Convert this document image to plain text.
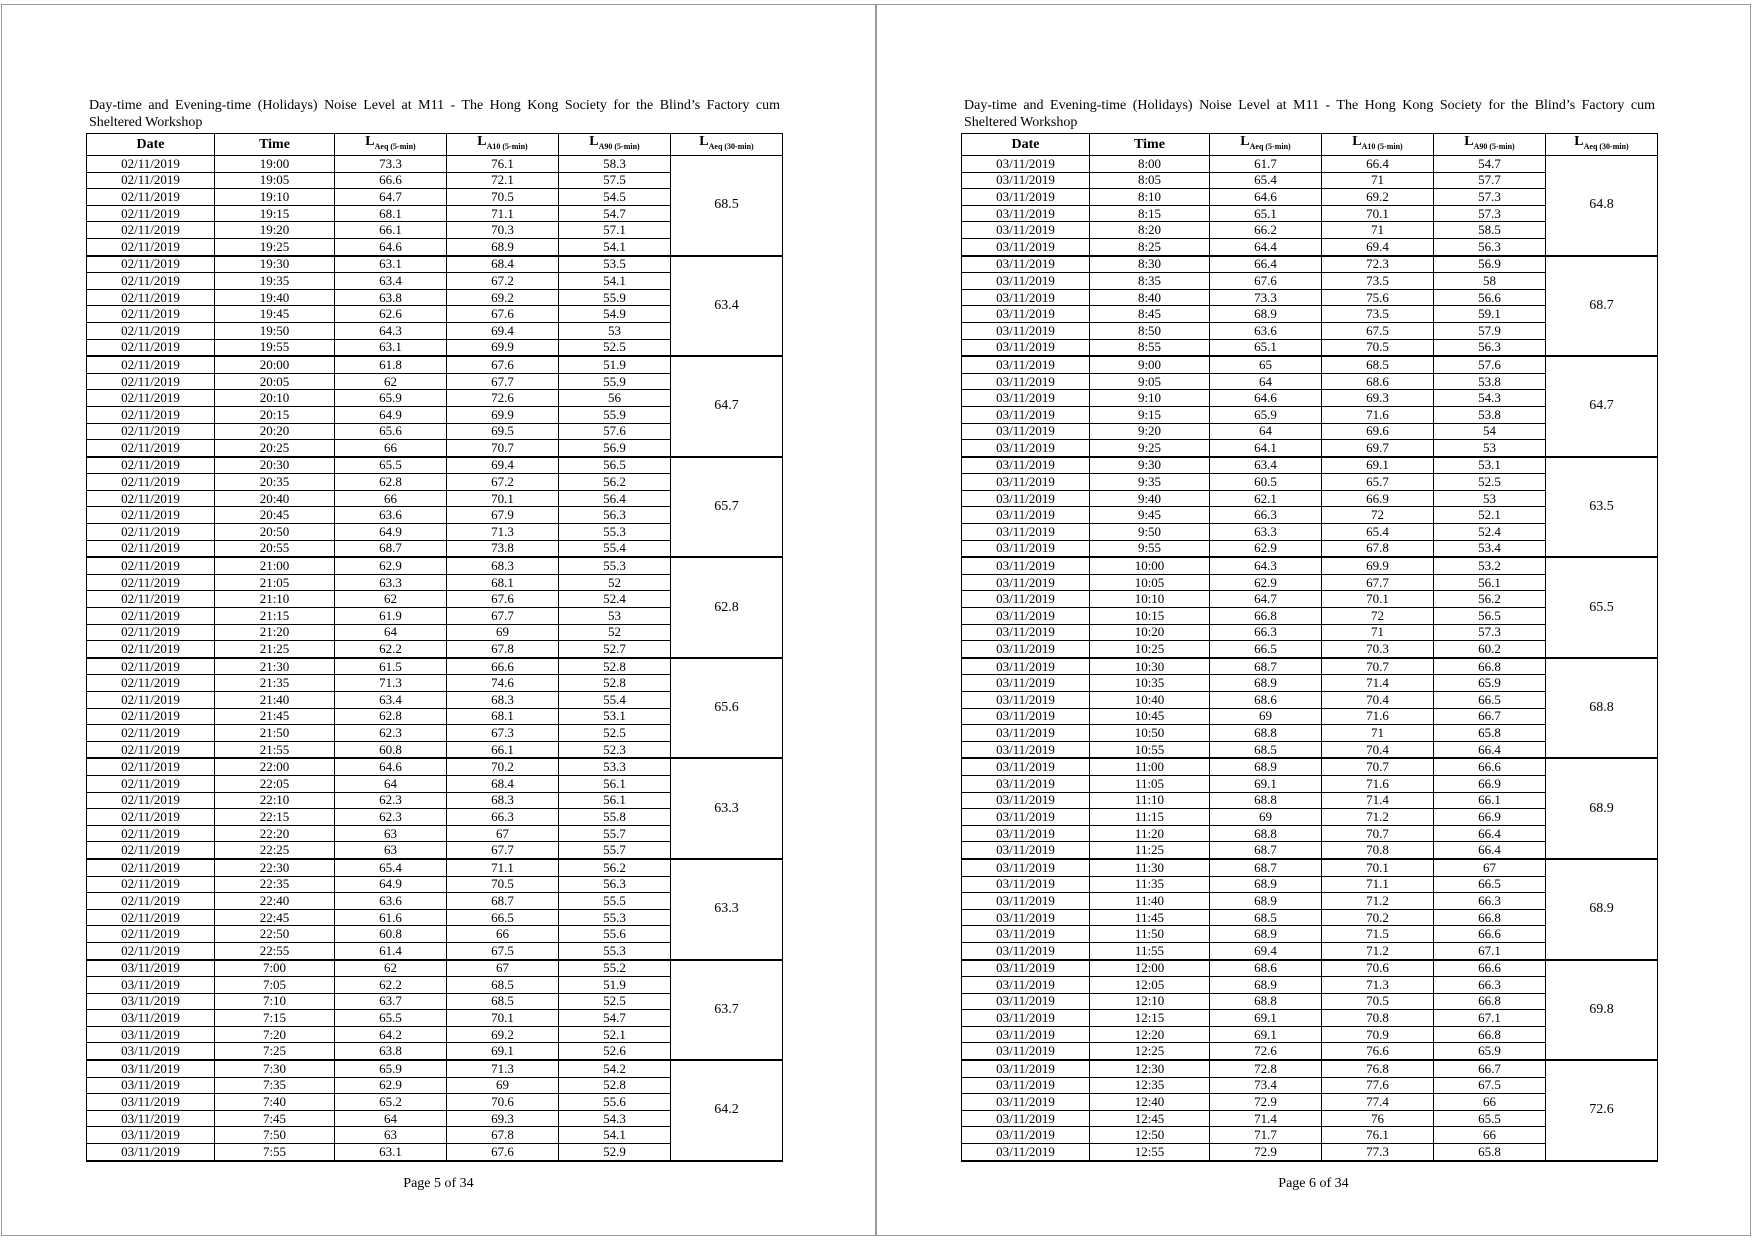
Day-time and Evening-time (Holidays) Noise Level at M11 - The Hong Kong Society for the Blind’s Factory cum Sheltered Workshop
Date	Time	$L_{Aeq (5-min)}$	$L_{A10 (5-min)}$	$L_{A90 (5-min)}$	$L_{Aeq (30-min)}$
02/11/2019	19:00	73.3	76.1	58.3	68.5
02/11/2019	19:05	66.6	72.1	57.5	
02/11/2019	19:10	64.7	70.5	54.5	
02/11/2019	19:15	68.1	71.1	54.7	
02/11/2019	19:20	66.1	70.3	57.1	
02/11/2019	19:25	64.6	68.9	54.1	
02/11/2019	19:30	63.1	68.4	53.5	63.4
02/11/2019	19:35	63.4	67.2	54.1	
02/11/2019	19:40	63.8	69.2	55.9	
02/11/2019	19:45	62.6	67.6	54.9	
02/11/2019	19:50	64.3	69.4	53	
02/11/2019	19:55	63.1	69.9	52.5	
02/11/2019	20:00	61.8	67.6	51.9	64.7
02/11/2019	20:05	62	67.7	55.9	
02/11/2019	20:10	65.9	72.6	56	
02/11/2019	20:15	64.9	69.9	55.9	
02/11/2019	20:20	65.6	69.5	57.6	
02/11/2019	20:25	66	70.7	56.9	
02/11/2019	20:30	65.5	69.4	56.5	65.7
02/11/2019	20:35	62.8	67.2	56.2	
02/11/2019	20:40	66	70.1	56.4	
02/11/2019	20:45	63.6	67.9	56.3	
02/11/2019	20:50	64.9	71.3	55.3	
02/11/2019	20:55	68.7	73.8	55.4	
02/11/2019	21:00	62.9	68.3	55.3	62.8
02/11/2019	21:05	63.3	68.1	52	
02/11/2019	21:10	62	67.6	52.4	
02/11/2019	21:15	61.9	67.7	53	
02/11/2019	21:20	64	69	52	
02/11/2019	21:25	62.2	67.8	52.7	
02/11/2019	21:30	61.5	66.6	52.8	65.6
02/11/2019	21:35	71.3	74.6	52.8	
02/11/2019	21:40	63.4	68.3	55.4	
02/11/2019	21:45	62.8	68.1	53.1	
02/11/2019	21:50	62.3	67.3	52.5	
02/11/2019	21:55	60.8	66.1	52.3	
02/11/2019	22:00	64.6	70.2	53.3	63.3
02/11/2019	22:05	64	68.4	56.1	
02/11/2019	22:10	62.3	68.3	56.1	
02/11/2019	22:15	62.3	66.3	55.8	
02/11/2019	22:20	63	67	55.7	
02/11/2019	22:25	63	67.7	55.7	
02/11/2019	22:30	65.4	71.1	56.2	63.3
02/11/2019	22:35	64.9	70.5	56.3	
02/11/2019	22:40	63.6	68.7	55.5	
02/11/2019	22:45	61.6	66.5	55.3	
02/11/2019	22:50	60.8	66	55.6	
02/11/2019	22:55	61.4	67.5	55.3	
03/11/2019	7:00	62	67	55.2	63.7
03/11/2019	7:05	62.2	68.5	51.9	
03/11/2019	7:10	63.7	68.5	52.5	
03/11/2019	7:15	65.5	70.1	54.7	
03/11/2019	7:20	64.2	69.2	52.1	
03/11/2019	7:25	63.8	69.1	52.6	
03/11/2019	7:30	65.9	71.3	54.2	64.2
03/11/2019	7:35	62.9	69	52.8	
03/11/2019	7:40	65.2	70.6	55.6	
03/11/2019	7:45	64	69.3	54.3	
03/11/2019	7:50	63	67.8	54.1	
03/11/2019	7:55	63.1	67.6	52.9	
Page 5 of 34
Day-time and Evening-time (Holidays) Noise Level at M11 - The Hong Kong Society for the Blind’s Factory cum Sheltered Workshop
Date	Time	$L_{Aeq (5-min)}$	$L_{A10 (5-min)}$	$L_{A90 (5-min)}$	$L_{Aeq (30-min)}$
03/11/2019	8:00	61.7	66.4	54.7	64.8
03/11/2019	8:05	65.4	71	57.7	
03/11/2019	8:10	64.6	69.2	57.3	
03/11/2019	8:15	65.1	70.1	57.3	
03/11/2019	8:20	66.2	71	58.5	
03/11/2019	8:25	64.4	69.4	56.3	
03/11/2019	8:30	66.4	72.3	56.9	68.7
03/11/2019	8:35	67.6	73.5	58	
03/11/2019	8:40	73.3	75.6	56.6	
03/11/2019	8:45	68.9	73.5	59.1	
03/11/2019	8:50	63.6	67.5	57.9	
03/11/2019	8:55	65.1	70.5	56.3	
03/11/2019	9:00	65	68.5	57.6	64.7
03/11/2019	9:05	64	68.6	53.8	
03/11/2019	9:10	64.6	69.3	54.3	
03/11/2019	9:15	65.9	71.6	53.8	
03/11/2019	9:20	64	69.6	54	
03/11/2019	9:25	64.1	69.7	53	
03/11/2019	9:30	63.4	69.1	53.1	63.5
03/11/2019	9:35	60.5	65.7	52.5	
03/11/2019	9:40	62.1	66.9	53	
03/11/2019	9:45	66.3	72	52.1	
03/11/2019	9:50	63.3	65.4	52.4	
03/11/2019	9:55	62.9	67.8	53.4	
03/11/2019	10:00	64.3	69.9	53.2	65.5
03/11/2019	10:05	62.9	67.7	56.1	
03/11/2019	10:10	64.7	70.1	56.2	
03/11/2019	10:15	66.8	72	56.5	
03/11/2019	10:20	66.3	71	57.3	
03/11/2019	10:25	66.5	70.3	60.2	
03/11/2019	10:30	68.7	70.7	66.8	68.8
03/11/2019	10:35	68.9	71.4	65.9	
03/11/2019	10:40	68.6	70.4	66.5	
03/11/2019	10:45	69	71.6	66.7	
03/11/2019	10:50	68.8	71	65.8	
03/11/2019	10:55	68.5	70.4	66.4	
03/11/2019	11:00	68.9	70.7	66.6	68.9
03/11/2019	11:05	69.1	71.6	66.9	
03/11/2019	11:10	68.8	71.4	66.1	
03/11/2019	11:15	69	71.2	66.9	
03/11/2019	11:20	68.8	70.7	66.4	
03/11/2019	11:25	68.7	70.8	66.4	
03/11/2019	11:30	68.7	70.1	67	68.9
03/11/2019	11:35	68.9	71.1	66.5	
03/11/2019	11:40	68.9	71.2	66.3	
03/11/2019	11:45	68.5	70.2	66.8	
03/11/2019	11:50	68.9	71.5	66.6	
03/11/2019	11:55	69.4	71.2	67.1	
03/11/2019	12:00	68.6	70.6	66.6	69.8
03/11/2019	12:05	68.9	71.3	66.3	
03/11/2019	12:10	68.8	70.5	66.8	
03/11/2019	12:15	69.1	70.8	67.1	
03/11/2019	12:20	69.1	70.9	66.8	
03/11/2019	12:25	72.6	76.6	65.9	
03/11/2019	12:30	72.8	76.8	66.7	72.6
03/11/2019	12:35	73.4	77.6	67.5	
03/11/2019	12:40	72.9	77.4	66	
03/11/2019	12:45	71.4	76	65.5	
03/11/2019	12:50	71.7	76.1	66	
03/11/2019	12:55	72.9	77.3	65.8	
Page 6 of 34
